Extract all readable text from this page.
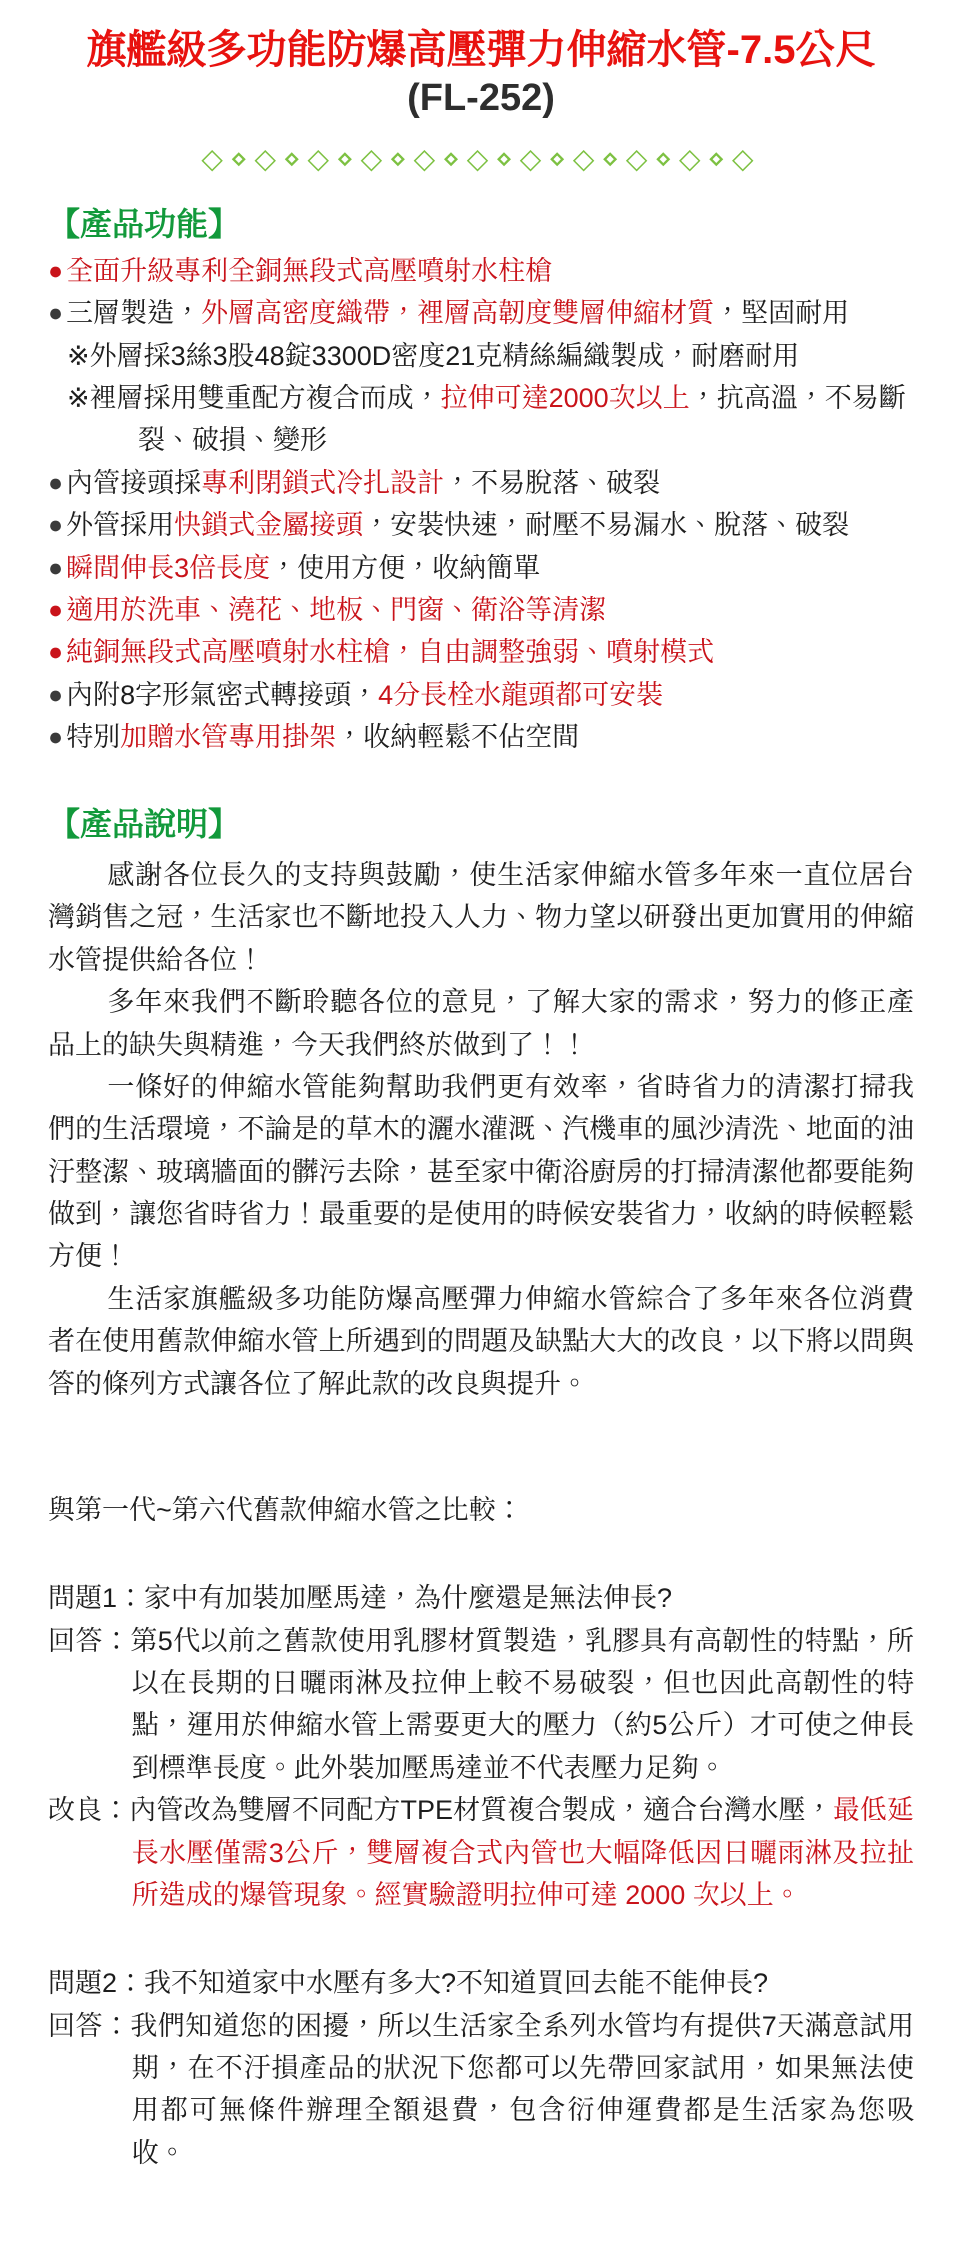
旗艦級多功能防爆高壓彈力伸縮水管-7.5公尺
(FL-252)
◇⋄◇⋄◇⋄◇⋄◇⋄◇⋄◇⋄◇⋄◇⋄◇⋄◇
【產品功能】
● 全面升級專利全銅無段式高壓噴射水柱槍
● 三層製造，外層高密度織帶，裡層高韌度雙層伸縮材質，堅固耐用
※外層採3絲3股48錠3300D密度21克精絲編織製成，耐磨耐用
※裡層採用雙重配方複合而成，拉伸可達2000次以上，抗高溫，不易斷裂、破損、變形
● 內管接頭採專利閉鎖式冷扎設計，不易脫落、破裂
● 外管採用快鎖式金屬接頭，安裝快速，耐壓不易漏水、脫落、破裂
● 瞬間伸長3倍長度，使用方便，收納簡單
● 適用於洗車、澆花、地板、門窗、衛浴等清潔
● 純銅無段式高壓噴射水柱槍，自由調整強弱、噴射模式
● 內附8字形氣密式轉接頭，4分長栓水龍頭都可安裝
● 特別加贈水管專用掛架，收納輕鬆不佔空間
【產品說明】

感謝各位長久的支持與鼓勵，使生活家伸縮水管多年來一直位居台灣銷售之冠，生活家也不斷地投入人力、物力望以研發出更加實用的伸縮水管提供給各位！

多年來我們不斷聆聽各位的意見，了解大家的需求，努力的修正產品上的缺失與精進，今天我們終於做到了！！

一條好的伸縮水管能夠幫助我們更有效率，省時省力的清潔打掃我們的生活環境，不論是的草木的灑水灌溉、汽機車的風沙清洗、地面的油汙整潔、玻璃牆面的髒污去除，甚至家中衛浴廚房的打掃清潔他都要能夠做到，讓您省時省力！最重要的是使用的時候安裝省力，收納的時候輕鬆方便！

生活家旗艦級多功能防爆高壓彈力伸縮水管綜合了多年來各位消費者在使用舊款伸縮水管上所遇到的問題及缺點大大的改良，以下將以問與答的條列方式讓各位了解此款的改良與提升。

與第一代~第六代舊款伸縮水管之比較：

問題1：家中有加裝加壓馬達，為什麼還是無法伸長?
回答：第5代以前之舊款使用乳膠材質製造，乳膠具有高韌性的特點，所以在長期的日曬雨淋及拉伸上較不易破裂，但也因此高韌性的特點，運用於伸縮水管上需要更大的壓力（約5公斤）才可使之伸長到標準長度。此外裝加壓馬達並不代表壓力足夠。
改良：內管改為雙層不同配方TPE材質複合製成，適合台灣水壓，最低延長水壓僅需3公斤，雙層複合式內管也大幅降低因日曬雨淋及拉扯所造成的爆管現象。經實驗證明拉伸可達 2000 次以上。
問題2：我不知道家中水壓有多大?不知道買回去能不能伸長?
回答：我們知道您的困擾，所以生活家全系列水管均有提供7天滿意試用期，在不汙損產品的狀況下您都可以先帶回家試用，如果無法使用都可無條件辦理全額退費，包含衍伸運費都是生活家為您吸收。
